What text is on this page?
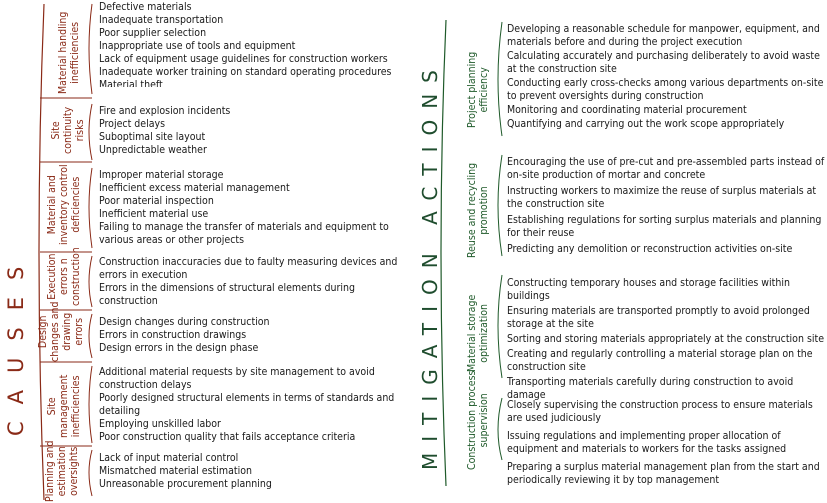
CAUSES	MITIGATION ACTIONS
Material handling
inefficiencies
Defective materials
Inadequate transportation
Poor supplier selection
Inappropriate use of tools and equipment
Lack of equipment usage guidelines for construction workers
Inadequate worker training on standard operating procedures
Material theft
Site
continuity
risks
Fire and explosion incidents
Project delays
Suboptimal site layout
Unpredictable weather
Material and
inventory control
deficiencies
Improper material storage
Inefficient excess material management
Poor material inspection
Inefficient material use
Failing to manage the transfer of materials and equipment to
various areas or other projects
Execution
errors n
construction Construction inaccuracies due to faulty measuring devices and
errors in execution
Errors in the dimensions of structural elements during
construction
Design
changes and
drawing
errors Design changes during construction
Errors in construction drawings
Design errors in the design phase
Site
management
inefficiencies
Additional material requests by site management to avoid
construction delays
Poorly designed structural elements in terms of standards and
detailing
Employing unskilled labor
Poor construction quality that fails acceptance criteria
Planning and
estimation
oversights Lack of input material control
Mismatched material estimation
Unreasonable procurement planning
Project planning
efficiency
Developing a reasonable schedule for manpower, equipment, and materials before and during the project execution
Calculating accurately and purchasing deliberately to avoid waste at the construction site
Conducting early cross-checks among various departments on-site to prevent oversights during construction
Monitoring and coordinating material procurement
Quantifying and carrying out the work scope appropriately
Reuse and recycling
promotion
Encouraging the use of pre-cut and pre-assembled parts instead of on-site production of mortar and concrete
Instructing workers to maximize the reuse of surplus materials at the construction site
Establishing regulations for sorting surplus materials and planning for their reuse
Predicting any demolition or reconstruction activities on-site
Material storage
optimization
Constructing temporary houses and storage facilities within buildings
Ensuring materials are transported promptly to avoid prolonged storage at the site
Sorting and storing materials appropriately at the construction site
Creating and regularly controlling a material storage plan on the construction site
Transporting materials carefully during construction to avoid damage
Construction process
supervision Closely supervising the construction process to ensure materials are used judiciously
Issuing regulations and implementing proper allocation of equipment and materials to workers for the tasks assigned
Preparing a surplus material management plan from the start and periodically reviewing it by top management
